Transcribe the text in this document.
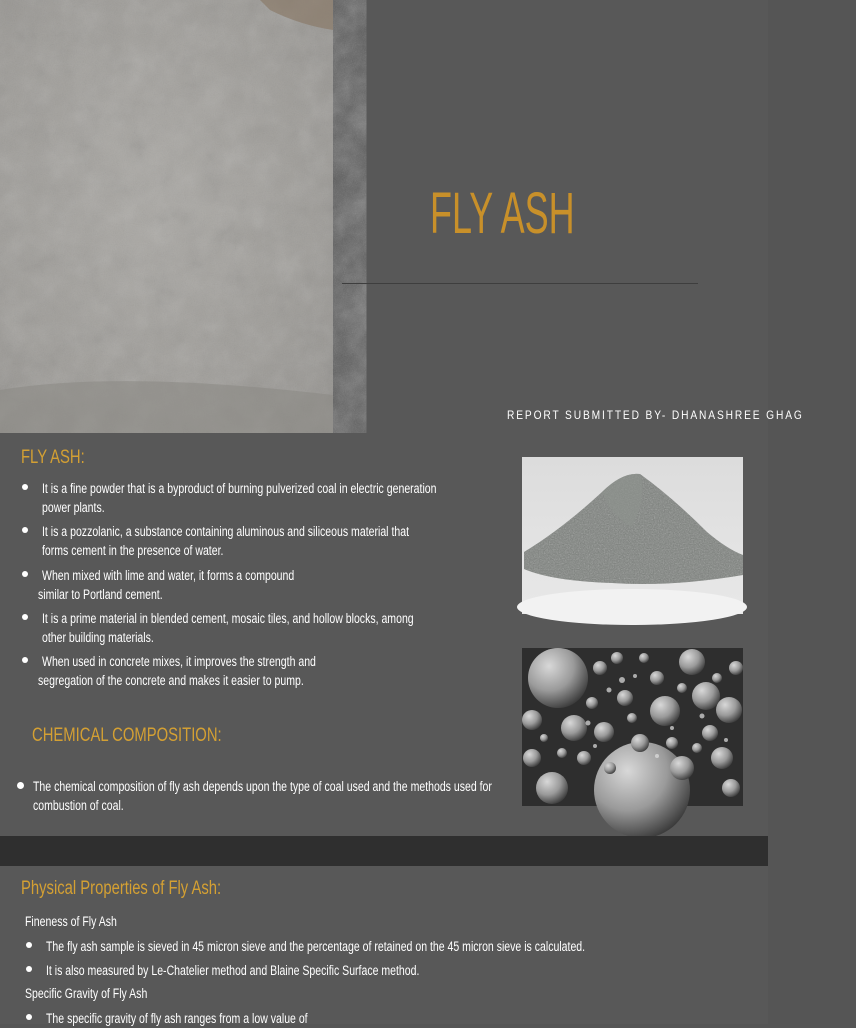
FLY ASH
REPORT SUBMITTED BY- DHANASHREE GHAG
FLY ASH:
It is a fine powder that is a byproduct of burning pulverized coal in electric generation
power plants.
It is a pozzolanic, a substance containing aluminous and siliceous material that
forms cement in the presence of water.
When mixed with lime and water, it forms a compound
similar to Portland cement.
It is a prime material in blended cement, mosaic tiles, and hollow blocks, among
other building materials.
When used in concrete mixes, it improves the strength and
segregation of the concrete and makes it easier to pump.
CHEMICAL COMPOSITION:
The chemical composition of fly ash depends upon the type of coal used and the methods used for
combustion of coal.
Physical Properties of Fly Ash:
Fineness of Fly Ash
The fly ash sample is sieved in 45 micron sieve and the percentage of retained on the 45 micron sieve is calculated.
It is also measured by Le-Chatelier method and Blaine Specific Surface method.
Specific Gravity of Fly Ash
The specific gravity of fly ash ranges from a low value of
